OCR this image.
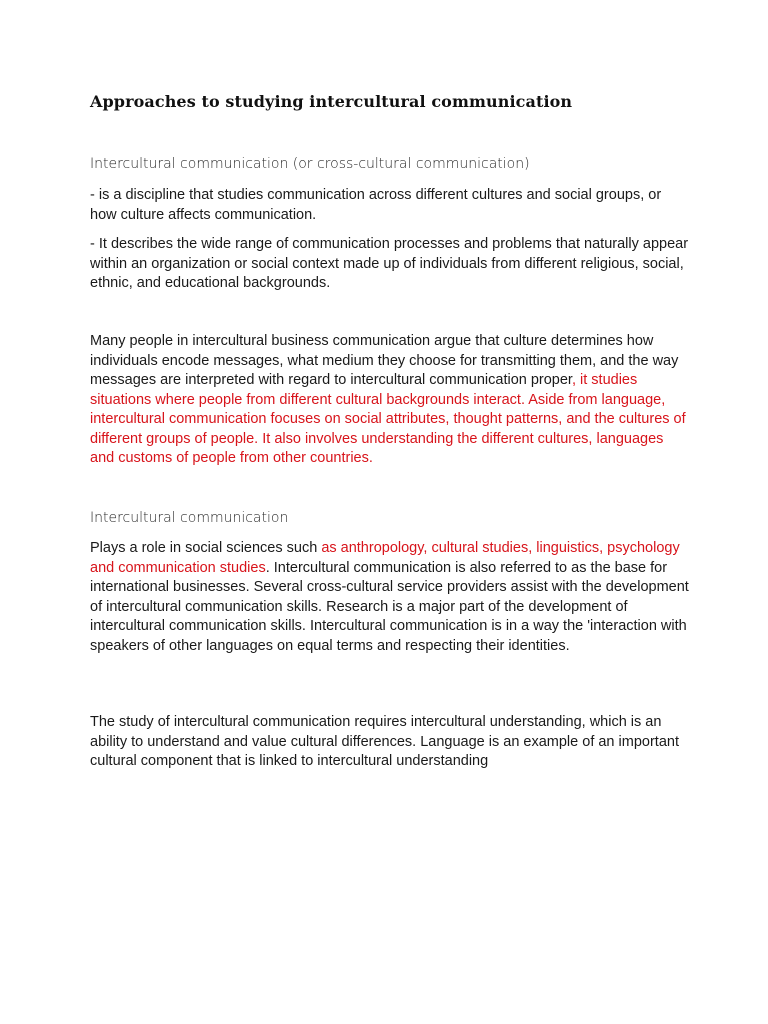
Approaches to studying intercultural communication
Intercultural communication (or cross-cultural communication)

- is a discipline that studies communication across different cultures and social groups, or how culture affects communication.

- It describes the wide range of communication processes and problems that naturally appear within an organization or social context made up of individuals from different religious, social, ethnic, and educational backgrounds.

Many people in intercultural business communication argue that culture determines how individuals encode messages, what medium they choose for transmitting them, and the way messages are interpreted with regard to intercultural communication proper, it studies situations where people from different cultural backgrounds interact. Aside from language, intercultural communication focuses on social attributes, thought patterns, and the cultures of different groups of people. It also involves understanding the different cultures, languages and customs of people from other countries.

Intercultural communication

Plays a role in social sciences such as anthropology, cultural studies, linguistics, psychology and communication studies. Intercultural communication is also referred to as the base for international businesses. Several cross-cultural service providers assist with the development of intercultural communication skills. Research is a major part of the development of intercultural communication skills. Intercultural communication is in a way the 'interaction with speakers of other languages on equal terms and respecting their identities.

The study of intercultural communication requires intercultural understanding, which is an ability to understand and value cultural differences. Language is an example of an important cultural component that is linked to intercultural understanding
